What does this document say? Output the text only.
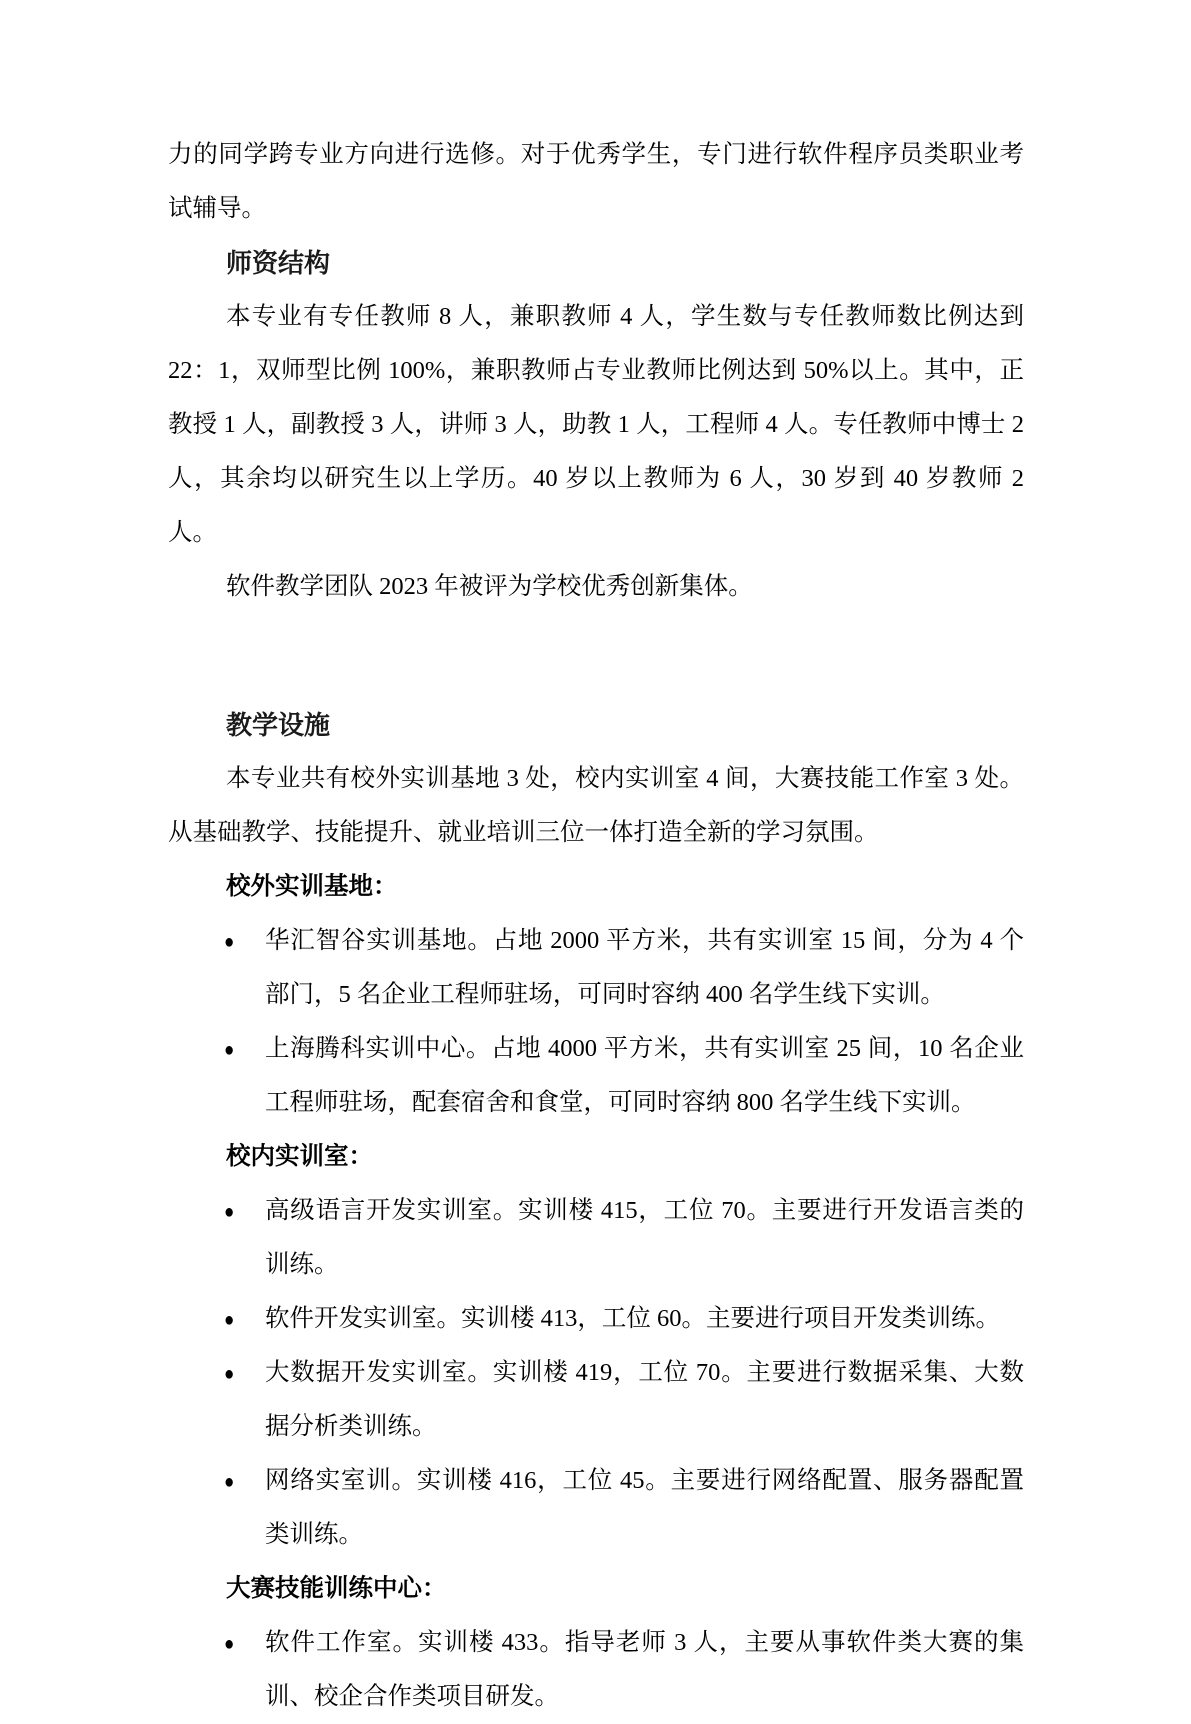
力的同学跨专业方向进行选修。对于优秀学生，专门进行软件程序员类职业考试辅导。

师资结构

本专业有专任教师 8 人，兼职教师 4 人，学生数与专任教师数比例达到 22：1，双师型比例 100%，兼职教师占专业教师比例达到 50%以上。其中，正教授 1 人，副教授 3 人，讲师 3 人，助教 1 人，工程师 4 人。专任教师中博士 2 人，其余均以研究生以上学历。40 岁以上教师为 6 人，30 岁到 40 岁教师 2 人。

软件教学团队 2023 年被评为学校优秀创新集体。

教学设施

本专业共有校外实训基地 3 处，校内实训室 4 间，大赛技能工作室 3 处。从基础教学、技能提升、就业培训三位一体打造全新的学习氛围。

校外实训基地：
● 华汇智谷实训基地。占地 2000 平方米，共有实训室 15 间，分为 4 个部门，5 名企业工程师驻场，可同时容纳 400 名学生线下实训。
● 上海腾科实训中心。占地 4000 平方米，共有实训室 25 间，10 名企业工程师驻场，配套宿舍和食堂，可同时容纳 800 名学生线下实训。
校内实训室：
● 高级语言开发实训室。实训楼 415，工位 70。主要进行开发语言类的训练。
● 软件开发实训室。实训楼 413，工位 60。主要进行项目开发类训练。
● 大数据开发实训室。实训楼 419，工位 70。主要进行数据采集、大数据分析类训练。
● 网络实室训。实训楼 416，工位 45。主要进行网络配置、服务器配置类训练。
大赛技能训练中心：
● 软件工作室。实训楼 433。指导老师 3 人，主要从事软件类大赛的集训、校企合作类项目研发。
